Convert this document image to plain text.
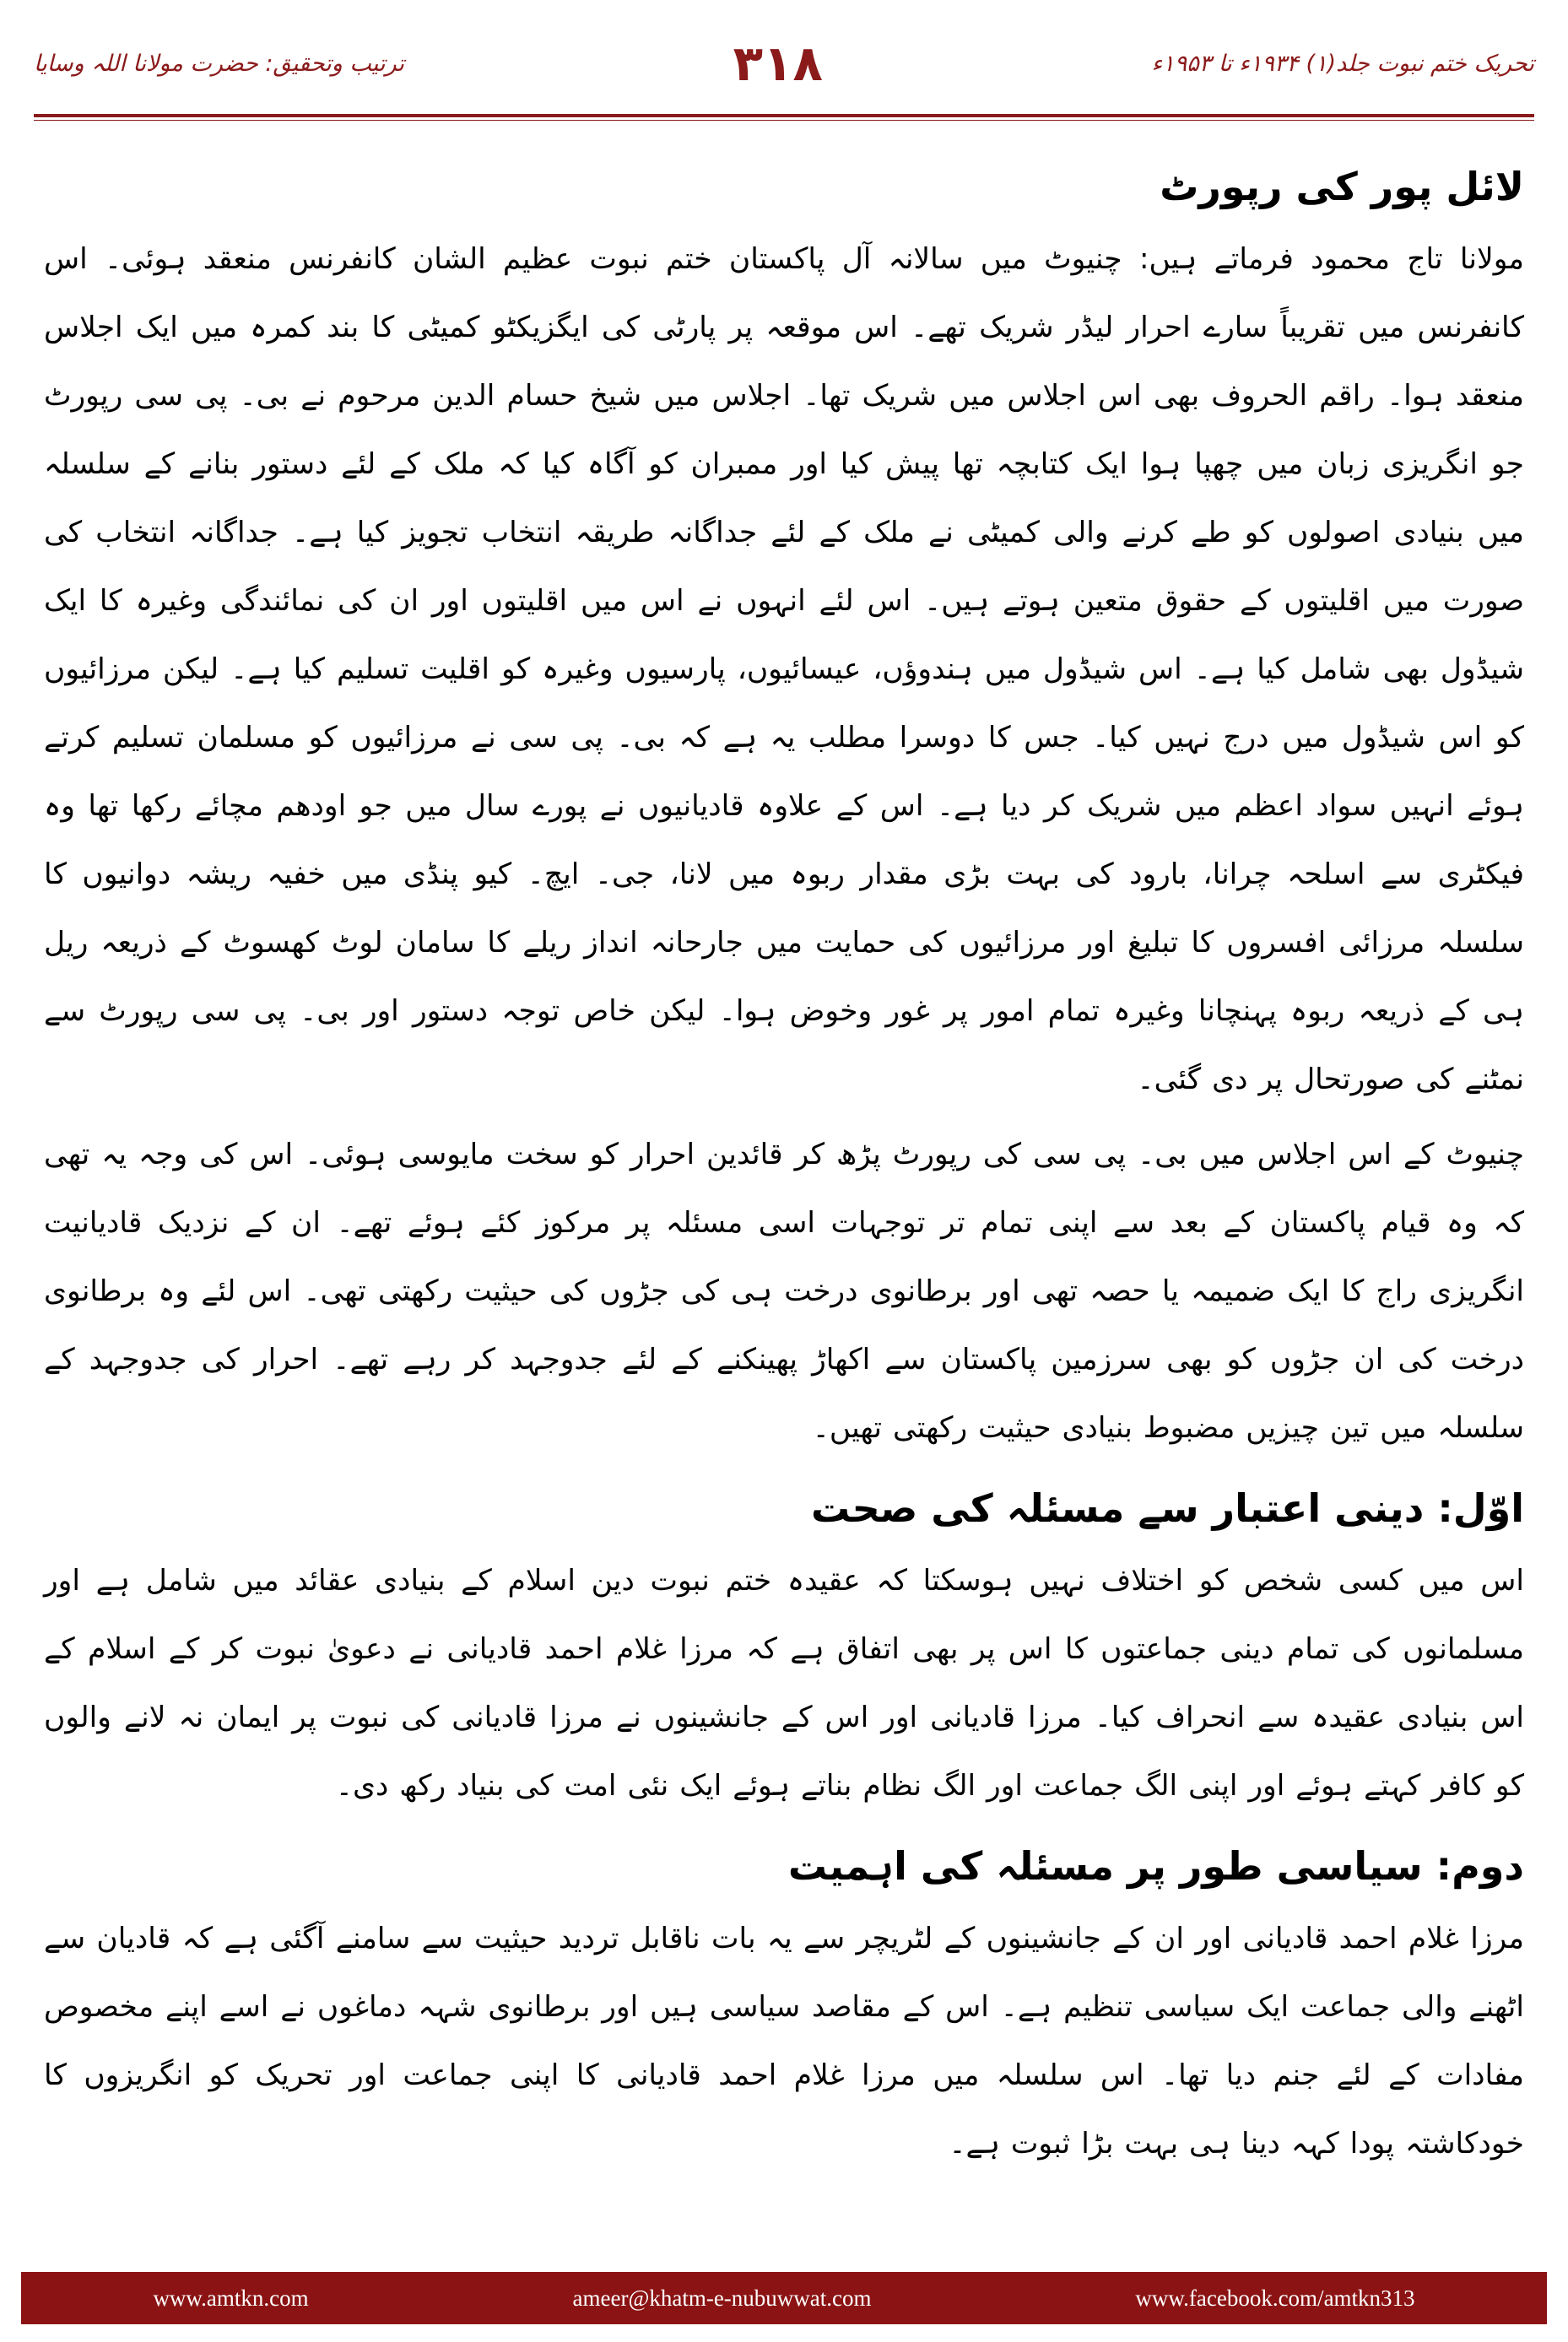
ترتیب وتحقیق: حضرت مولانا اللہ وسایا	۳۱۸	تحریک ختم نبوت جلد(۱) ۱۹۳۴ء تا ۱۹۵۳ء
لائل پور کی رپورٹ

مولانا تاج محمود فرماتے ہیں: چنیوٹ میں سالانہ آل پاکستان ختم نبوت عظیم الشان کانفرنس منعقد ہوئی۔ اس کانفرنس میں تقریباً سارے احرار لیڈر شریک تھے۔ اس موقعہ پر پارٹی کی ایگزیکٹو کمیٹی کا بند کمرہ میں ایک اجلاس منعقد ہوا۔ راقم الحروف بھی اس اجلاس میں شریک تھا۔ اجلاس میں شیخ حسام الدین مرحوم نے بی۔ پی سی رپورٹ جو انگریزی زبان میں چھپا ہوا ایک کتابچہ تھا پیش کیا اور ممبران کو آگاہ کیا کہ ملک کے لئے دستور بنانے کے سلسلہ میں بنیادی اصولوں کو طے کرنے والی کمیٹی نے ملک کے لئے جداگانہ طریقہ انتخاب تجویز کیا ہے۔ جداگانہ انتخاب کی صورت میں اقلیتوں کے حقوق متعین ہوتے ہیں۔ اس لئے انہوں نے اس میں اقلیتوں اور ان کی نمائندگی وغیرہ کا ایک شیڈول بھی شامل کیا ہے۔ اس شیڈول میں ہندوؤں، عیسائیوں، پارسیوں وغیرہ کو اقلیت تسلیم کیا ہے۔ لیکن مرزائیوں کو اس شیڈول میں درج نہیں کیا۔ جس کا دوسرا مطلب یہ ہے کہ بی۔ پی سی نے مرزائیوں کو مسلمان تسلیم کرتے ہوئے انہیں سواد اعظم میں شریک کر دیا ہے۔ اس کے علاوہ قادیانیوں نے پورے سال میں جو اودھم مچائے رکھا تھا وہ فیکٹری سے اسلحہ چرانا، بارود کی بہت بڑی مقدار ربوہ میں لانا، جی۔ ایچ۔ کیو پنڈی میں خفیہ ریشہ دوانیوں کا سلسلہ مرزائی افسروں کا تبلیغ اور مرزائیوں کی حمایت میں جارحانہ انداز ریلے کا سامان لوٹ کھسوٹ کے ذریعہ ریل ہی کے ذریعہ ربوہ پہنچانا وغیرہ تمام امور پر غور وخوض ہوا۔ لیکن خاص توجہ دستور اور بی۔ پی سی رپورٹ سے نمٹنے کی صورتحال پر دی گئی۔

چنیوٹ کے اس اجلاس میں بی۔ پی سی کی رپورٹ پڑھ کر قائدین احرار کو سخت مایوسی ہوئی۔ اس کی وجہ یہ تھی کہ وہ قیام پاکستان کے بعد سے اپنی تمام تر توجہات اسی مسئلہ پر مرکوز کئے ہوئے تھے۔ ان کے نزدیک قادیانیت انگریزی راج کا ایک ضمیمہ یا حصہ تھی اور برطانوی درخت ہی کی جڑوں کی حیثیت رکھتی تھی۔ اس لئے وہ برطانوی درخت کی ان جڑوں کو بھی سرزمین پاکستان سے اکھاڑ پھینکنے کے لئے جدوجہد کر رہے تھے۔ احرار کی جدوجہد کے سلسلہ میں تین چیزیں مضبوط بنیادی حیثیت رکھتی تھیں۔

اوّل: دینی اعتبار سے مسئلہ کی صحت

اس میں کسی شخص کو اختلاف نہیں ہوسکتا کہ عقیدہ ختم نبوت دین اسلام کے بنیادی عقائد میں شامل ہے اور مسلمانوں کی تمام دینی جماعتوں کا اس پر بھی اتفاق ہے کہ مرزا غلام احمد قادیانی نے دعویٰ نبوت کر کے اسلام کے اس بنیادی عقیدہ سے انحراف کیا۔ مرزا قادیانی اور اس کے جانشینوں نے مرزا قادیانی کی نبوت پر ایمان نہ لانے والوں کو کافر کہتے ہوئے اور اپنی الگ جماعت اور الگ نظام بناتے ہوئے ایک نئی امت کی بنیاد رکھ دی۔

دوم: سیاسی طور پر مسئلہ کی اہمیت

مرزا غلام احمد قادیانی اور ان کے جانشینوں کے لٹریچر سے یہ بات ناقابل تردید حیثیت سے سامنے آگئی ہے کہ قادیان سے اٹھنے والی جماعت ایک سیاسی تنظیم ہے۔ اس کے مقاصد سیاسی ہیں اور برطانوی شہہ دماغوں نے اسے اپنے مخصوص مفادات کے لئے جنم دیا تھا۔ اس سلسلہ میں مرزا غلام احمد قادیانی کا اپنی جماعت اور تحریک کو انگریزوں کا خودکاشتہ پودا کہہ دینا ہی بہت بڑا ثبوت ہے۔

www.amtkn.com	ameer@khatm-e-nubuwwat.com	www.facebook.com/amtkn313
